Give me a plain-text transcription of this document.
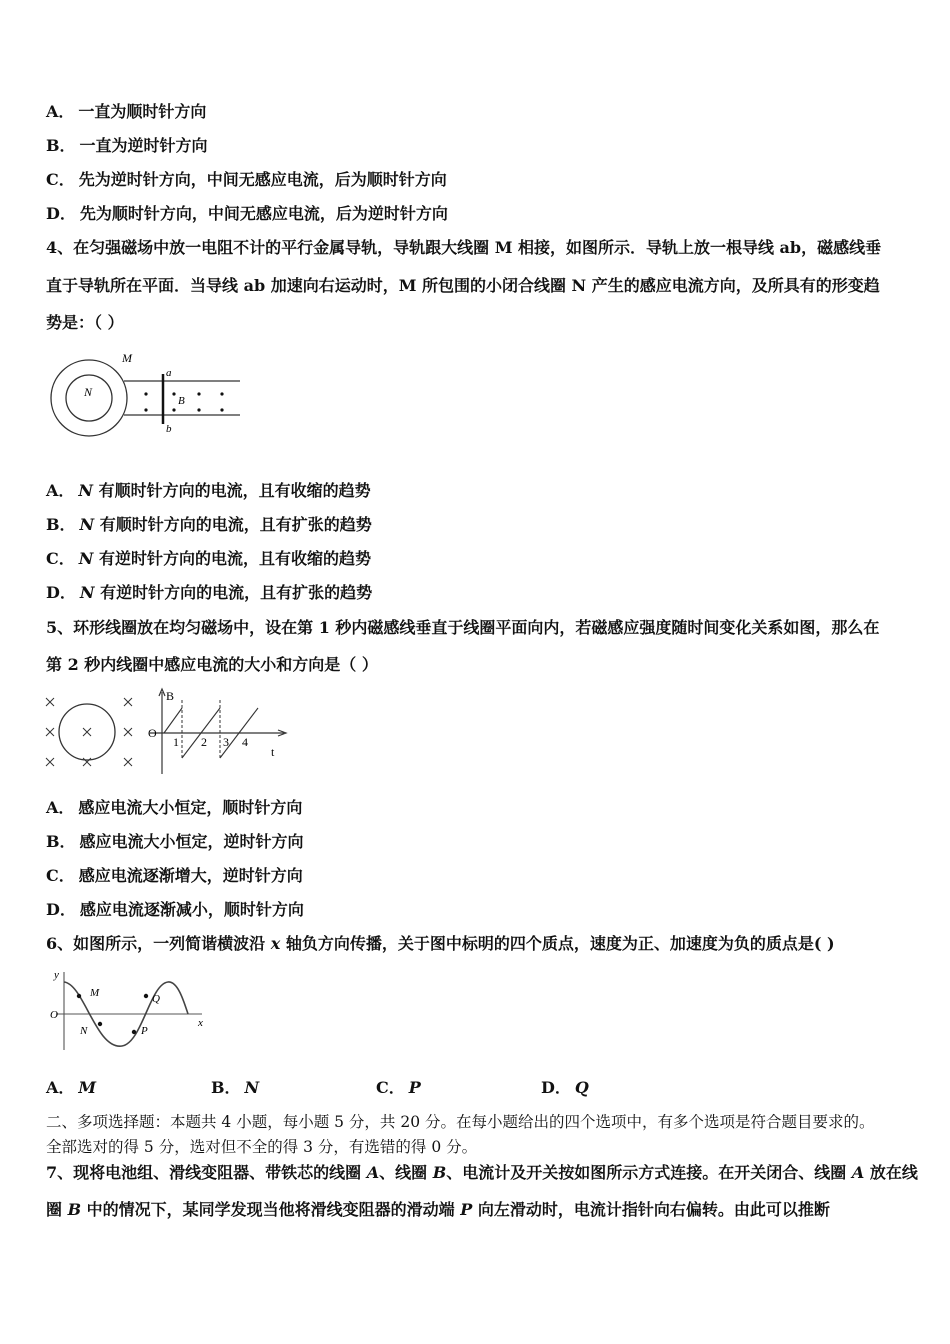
A． 一直为顺时针方向
B． 一直为逆时针方向
C． 先为逆时针方向，中间无感应电流，后为顺时针方向
D． 先为顺时针方向，中间无感应电流，后为逆时针方向
4、在匀强磁场中放一电阻不计的平行金属导轨，导轨跟大线圈 M 相接，如图所示．导轨上放一根导线 ab，磁感线垂
直于导轨所在平面．当导线 ab 加速向右运动时，M 所包围的小闭合线圈 N 产生的感应电流方向，及所具有的形变趋
势是：（ ）
N
M
a
b
B
A． N 有顺时针方向的电流，且有收缩的趋势
B． N 有顺时针方向的电流，且有扩张的趋势
C． N 有逆时针方向的电流，且有收缩的趋势
D． N 有逆时针方向的电流，且有扩张的趋势
5、环形线圈放在均匀磁场中，设在第 1 秒内磁感线垂直于线圈平面向内，若磁感应强度随时间变化关系如图，那么在
第 2 秒内线圈中感应电流的大小和方向是（ ）
B
O
t
1 2 3 4
A． 感应电流大小恒定，顺时针方向
B． 感应电流大小恒定，逆时针方向
C． 感应电流逐渐增大，逆时针方向
D． 感应电流逐渐减小，顺时针方向
6、如图所示，一列简谐横波沿 x 轴负方向传播，关于图中标明的四个质点，速度为正、加速度为负的质点是( )
y
x
O
M
N	P
Q
A． M	B． N	C． P	D． Q
二、多项选择题：本题共 4 小题，每小题 5 分，共 20 分。在每小题给出的四个选项中，有多个选项是符合题目要求的。
全部选对的得 5 分，选对但不全的得 3 分，有选错的得 0 分。
7、现将电池组、滑线变阻器、带铁芯的线圈 A、线圈 B、电流计及开关按如图所示方式连接。在开关闭合、线圈 A 放在线
圈 B 中的情况下，某同学发现当他将滑线变阻器的滑动端 P 向左滑动时，电流计指针向右偏转。由此可以推断
